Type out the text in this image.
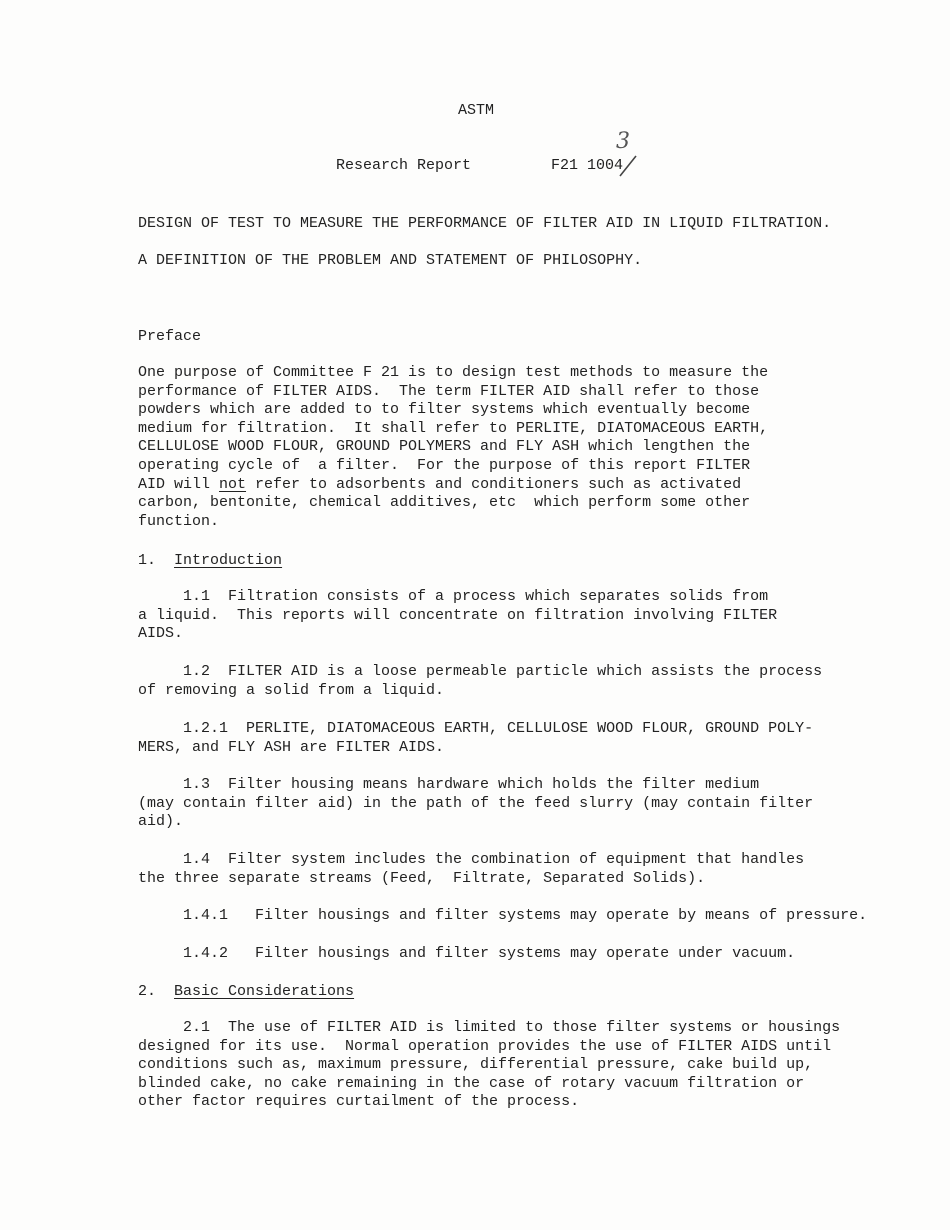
ASTM
Research Report	F21 1004
3
DESIGN OF TEST TO MEASURE THE PERFORMANCE OF FILTER AID IN LIQUID FILTRATION.
A DEFINITION OF THE PROBLEM AND STATEMENT OF PHILOSOPHY.
Preface
One purpose of Committee F 21 is to design test methods to measure the
performance of FILTER AIDS.  The term FILTER AID shall refer to those
powders which are added to to filter systems which eventually become
medium for filtration.  It shall refer to PERLITE, DIATOMACEOUS EARTH,
CELLULOSE WOOD FLOUR, GROUND POLYMERS and FLY ASH which lengthen the
operating cycle of  a filter.  For the purpose of this report FILTER
AID will not refer to adsorbents and conditioners such as activated
carbon, bentonite, chemical additives, etc  which perform some other
function.
1. Introduction
1.1  Filtration consists of a process which separates solids from
a liquid.  This reports will concentrate on filtration involving FILTER
AIDS.
1.2  FILTER AID is a loose permeable particle which assists the process
of removing a solid from a liquid.
1.2.1  PERLITE, DIATOMACEOUS EARTH, CELLULOSE WOOD FLOUR, GROUND POLY-
MERS, and FLY ASH are FILTER AIDS.
1.3  Filter housing means hardware which holds the filter medium
(may contain filter aid) in the path of the feed slurry (may contain filter
aid).
1.4  Filter system includes the combination of equipment that handles
the three separate streams (Feed,  Filtrate, Separated Solids).
1.4.1   Filter housings and filter systems may operate by means of pressure.
1.4.2   Filter housings and filter systems may operate under vacuum.
2. Basic Considerations
2.1  The use of FILTER AID is limited to those filter systems or housings
designed for its use.  Normal operation provides the use of FILTER AIDS until
conditions such as, maximum pressure, differential pressure, cake build up,
blinded cake, no cake remaining in the case of rotary vacuum filtration or
other factor requires curtailment of the process.
